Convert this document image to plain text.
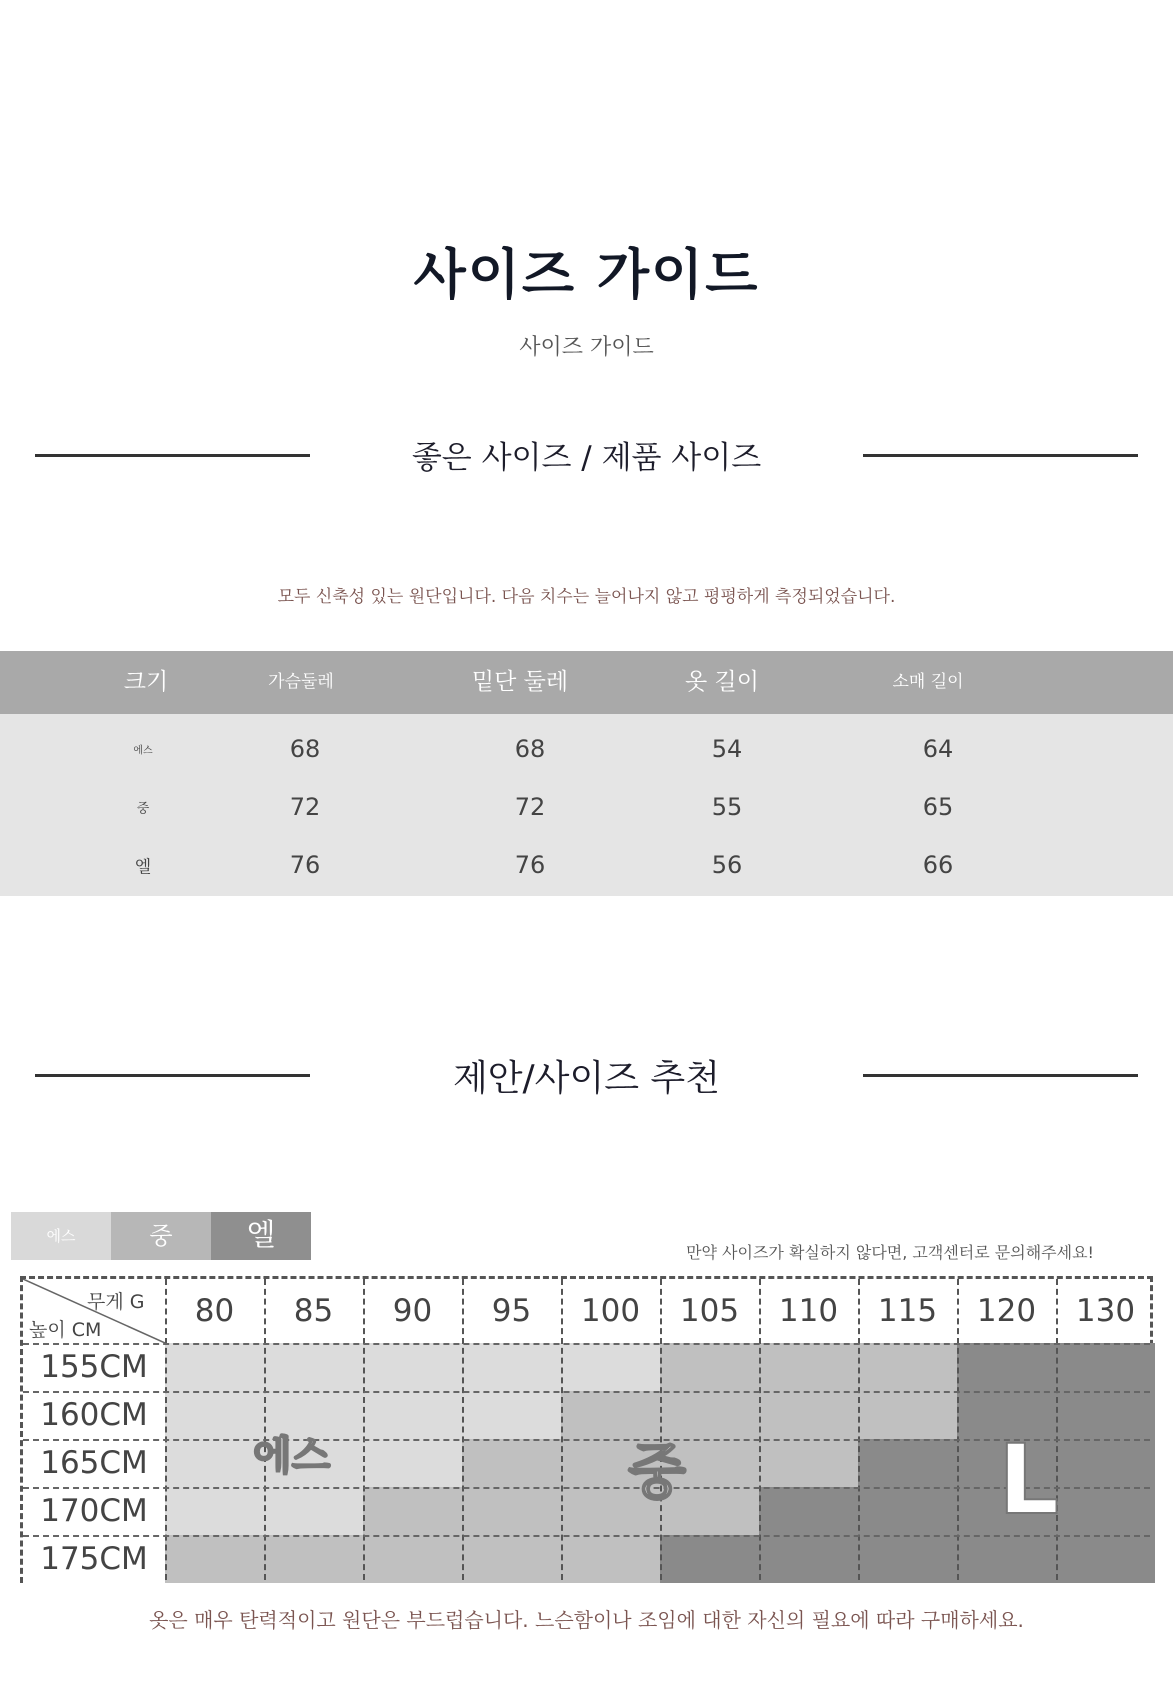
사이즈 가이드
사이즈 가이드
좋은 사이즈 / 제품 사이즈
모두 신축성 있는 원단입니다. 다음 치수는 늘어나지 않고 평평하게 측정되었습니다.
크기	가슴둘레	밑단 둘레	옷 길이	소매 길이
에스	68	68	54	64
중	72	72	55	65
엘	76	76	56	66
제안/사이즈 추천
에스	중	엘	만약 사이즈가 확실하지 않다면, 고객센터로 문의해주세요!
무게 G
높이 CM
80	85	90	95	100	105	110	115	120	130
155CM
160CM
165CM
170CM
175CM
에스	중	L
옷은 매우 탄력적이고 원단은 부드럽습니다. 느슨함이나 조임에 대한 자신의 필요에 따라 구매하세요.
